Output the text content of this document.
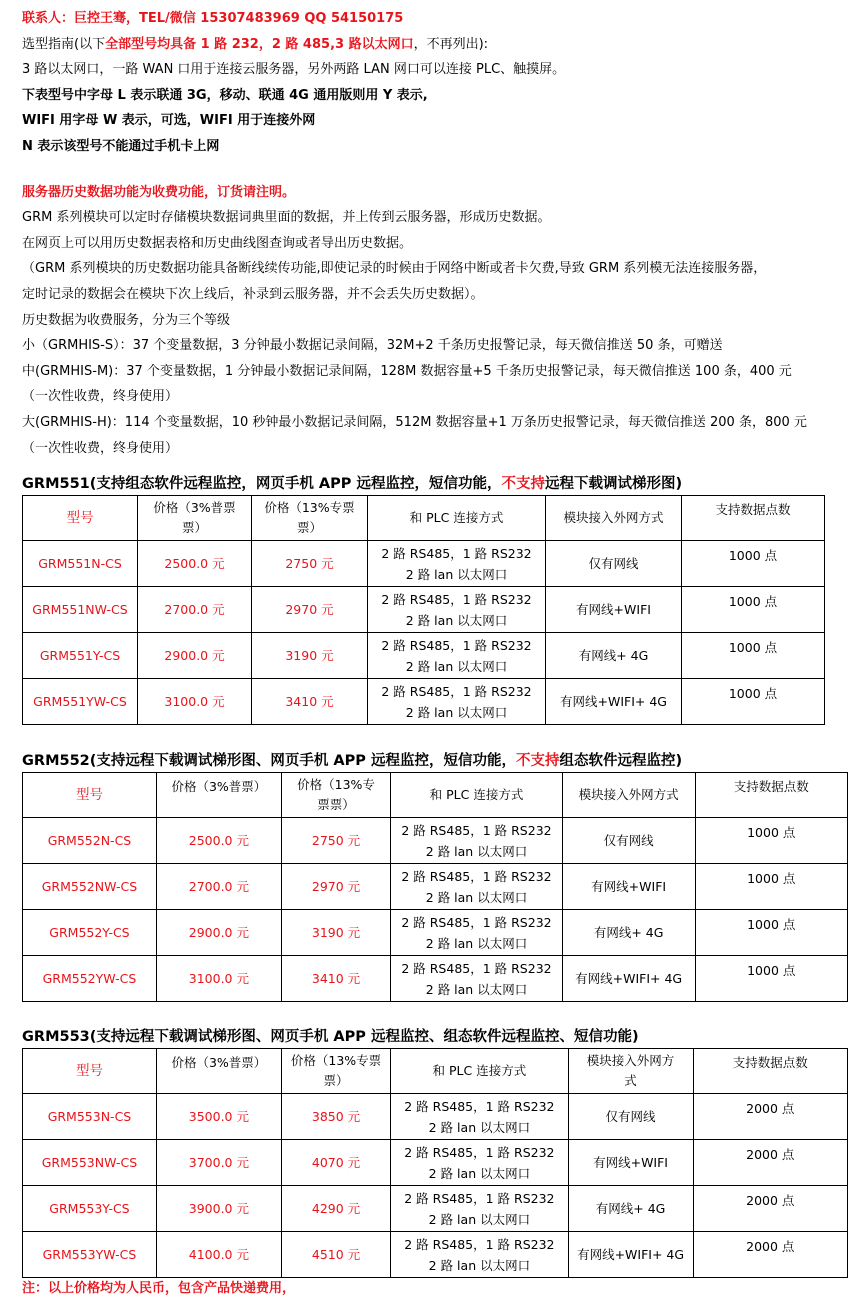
联系人：巨控王骞，TEL/微信 15307483969 QQ 54150175
选型指南(以下全部型号均具备 1 路 232，2 路 485,3 路以太网口，不再列出):
3 路以太网口，一路 WAN 口用于连接云服务器，另外两路 LAN 网口可以连接 PLC、触摸屏。
下表型号中字母 L 表示联通 3G，移动、联通 4G 通用版则用 Y 表示,
WIFI 用字母 W 表示，可选，WIFI 用于连接外网
N 表示该型号不能通过手机卡上网
服务器历史数据功能为收费功能，订货请注明。
GRM 系列模块可以定时存储模块数据词典里面的数据，并上传到云服务器，形成历史数据。
在网页上可以用历史数据表格和历史曲线图查询或者导出历史数据。
（GRM 系列模块的历史数据功能具备断线续传功能,即使记录的时候由于网络中断或者卡欠费,导致 GRM 系列模无法连接服务器，
定时记录的数据会在模块下次上线后，补录到云服务器，并不会丢失历史数据）。
历史数据为收费服务，分为三个等级
小（GRMHIS-S）：37 个变量数据，3 分钟最小数据记录间隔，32M+2 千条历史报警记录，每天微信推送 50 条，可赠送
中(GRMHIS-M)：37 个变量数据，1 分钟最小数据记录间隔，128M 数据容量+5 千条历史报警记录，每天微信推送 100 条，400 元
（一次性收费，终身使用）
大(GRMHIS-H)：114 个变量数据，10 秒钟最小数据记录间隔，512M 数据容量+1 万条历史报警记录，每天微信推送 200 条，800 元
（一次性收费，终身使用）
GRM551(支持组态软件远程监控，网页手机 APP 远程监控，短信功能，不支持远程下载调试梯形图)
型号	价格（3%普票
票）	价格（13%专票
票）	和 PLC 连接方式	模块接入外网方式	支持数据点数
GRM551N-CS	2500.0 元	2750 元	2 路 RS485，1 路 RS232
2 路 lan 以太网口	仅有网线	1000 点
GRM551NW-CS	2700.0 元	2970 元	2 路 RS485，1 路 RS232
2 路 lan 以太网口	有网线+WIFI	1000 点
GRM551Y-CS	2900.0 元	3190 元	2 路 RS485，1 路 RS232
2 路 lan 以太网口	有网线+ 4G	1000 点
GRM551YW-CS	3100.0 元	3410 元	2 路 RS485，1 路 RS232
2 路 lan 以太网口	有网线+WIFI+ 4G	1000 点
GRM552(支持远程下载调试梯形图、网页手机 APP 远程监控，短信功能，不支持组态软件远程监控)
型号	价格（3%普票）	价格（13%专
票票）	和 PLC 连接方式	模块接入外网方式	支持数据点数
GRM552N-CS	2500.0 元	2750 元	2 路 RS485，1 路 RS232
2 路 lan 以太网口	仅有网线	1000 点
GRM552NW-CS	2700.0 元	2970 元	2 路 RS485，1 路 RS232
2 路 lan 以太网口	有网线+WIFI	1000 点
GRM552Y-CS	2900.0 元	3190 元	2 路 RS485，1 路 RS232
2 路 lan 以太网口	有网线+ 4G	1000 点
GRM552YW-CS	3100.0 元	3410 元	2 路 RS485，1 路 RS232
2 路 lan 以太网口	有网线+WIFI+ 4G	1000 点
GRM553(支持远程下载调试梯形图、网页手机 APP 远程监控、组态软件远程监控、短信功能)
型号	价格（3%普票）	价格（13%专票
票）	和 PLC 连接方式	模块接入外网方
式	支持数据点数
GRM553N-CS	3500.0 元	3850 元	2 路 RS485，1 路 RS232
2 路 lan 以太网口	仅有网线	2000 点
GRM553NW-CS	3700.0 元	4070 元	2 路 RS485，1 路 RS232
2 路 lan 以太网口	有网线+WIFI	2000 点
GRM553Y-CS	3900.0 元	4290 元	2 路 RS485，1 路 RS232
2 路 lan 以太网口	有网线+ 4G	2000 点
GRM553YW-CS	4100.0 元	4510 元	2 路 RS485，1 路 RS232
2 路 lan 以太网口	有网线+WIFI+ 4G	2000 点
注：以上价格均为人民币，包含产品快递费用，
